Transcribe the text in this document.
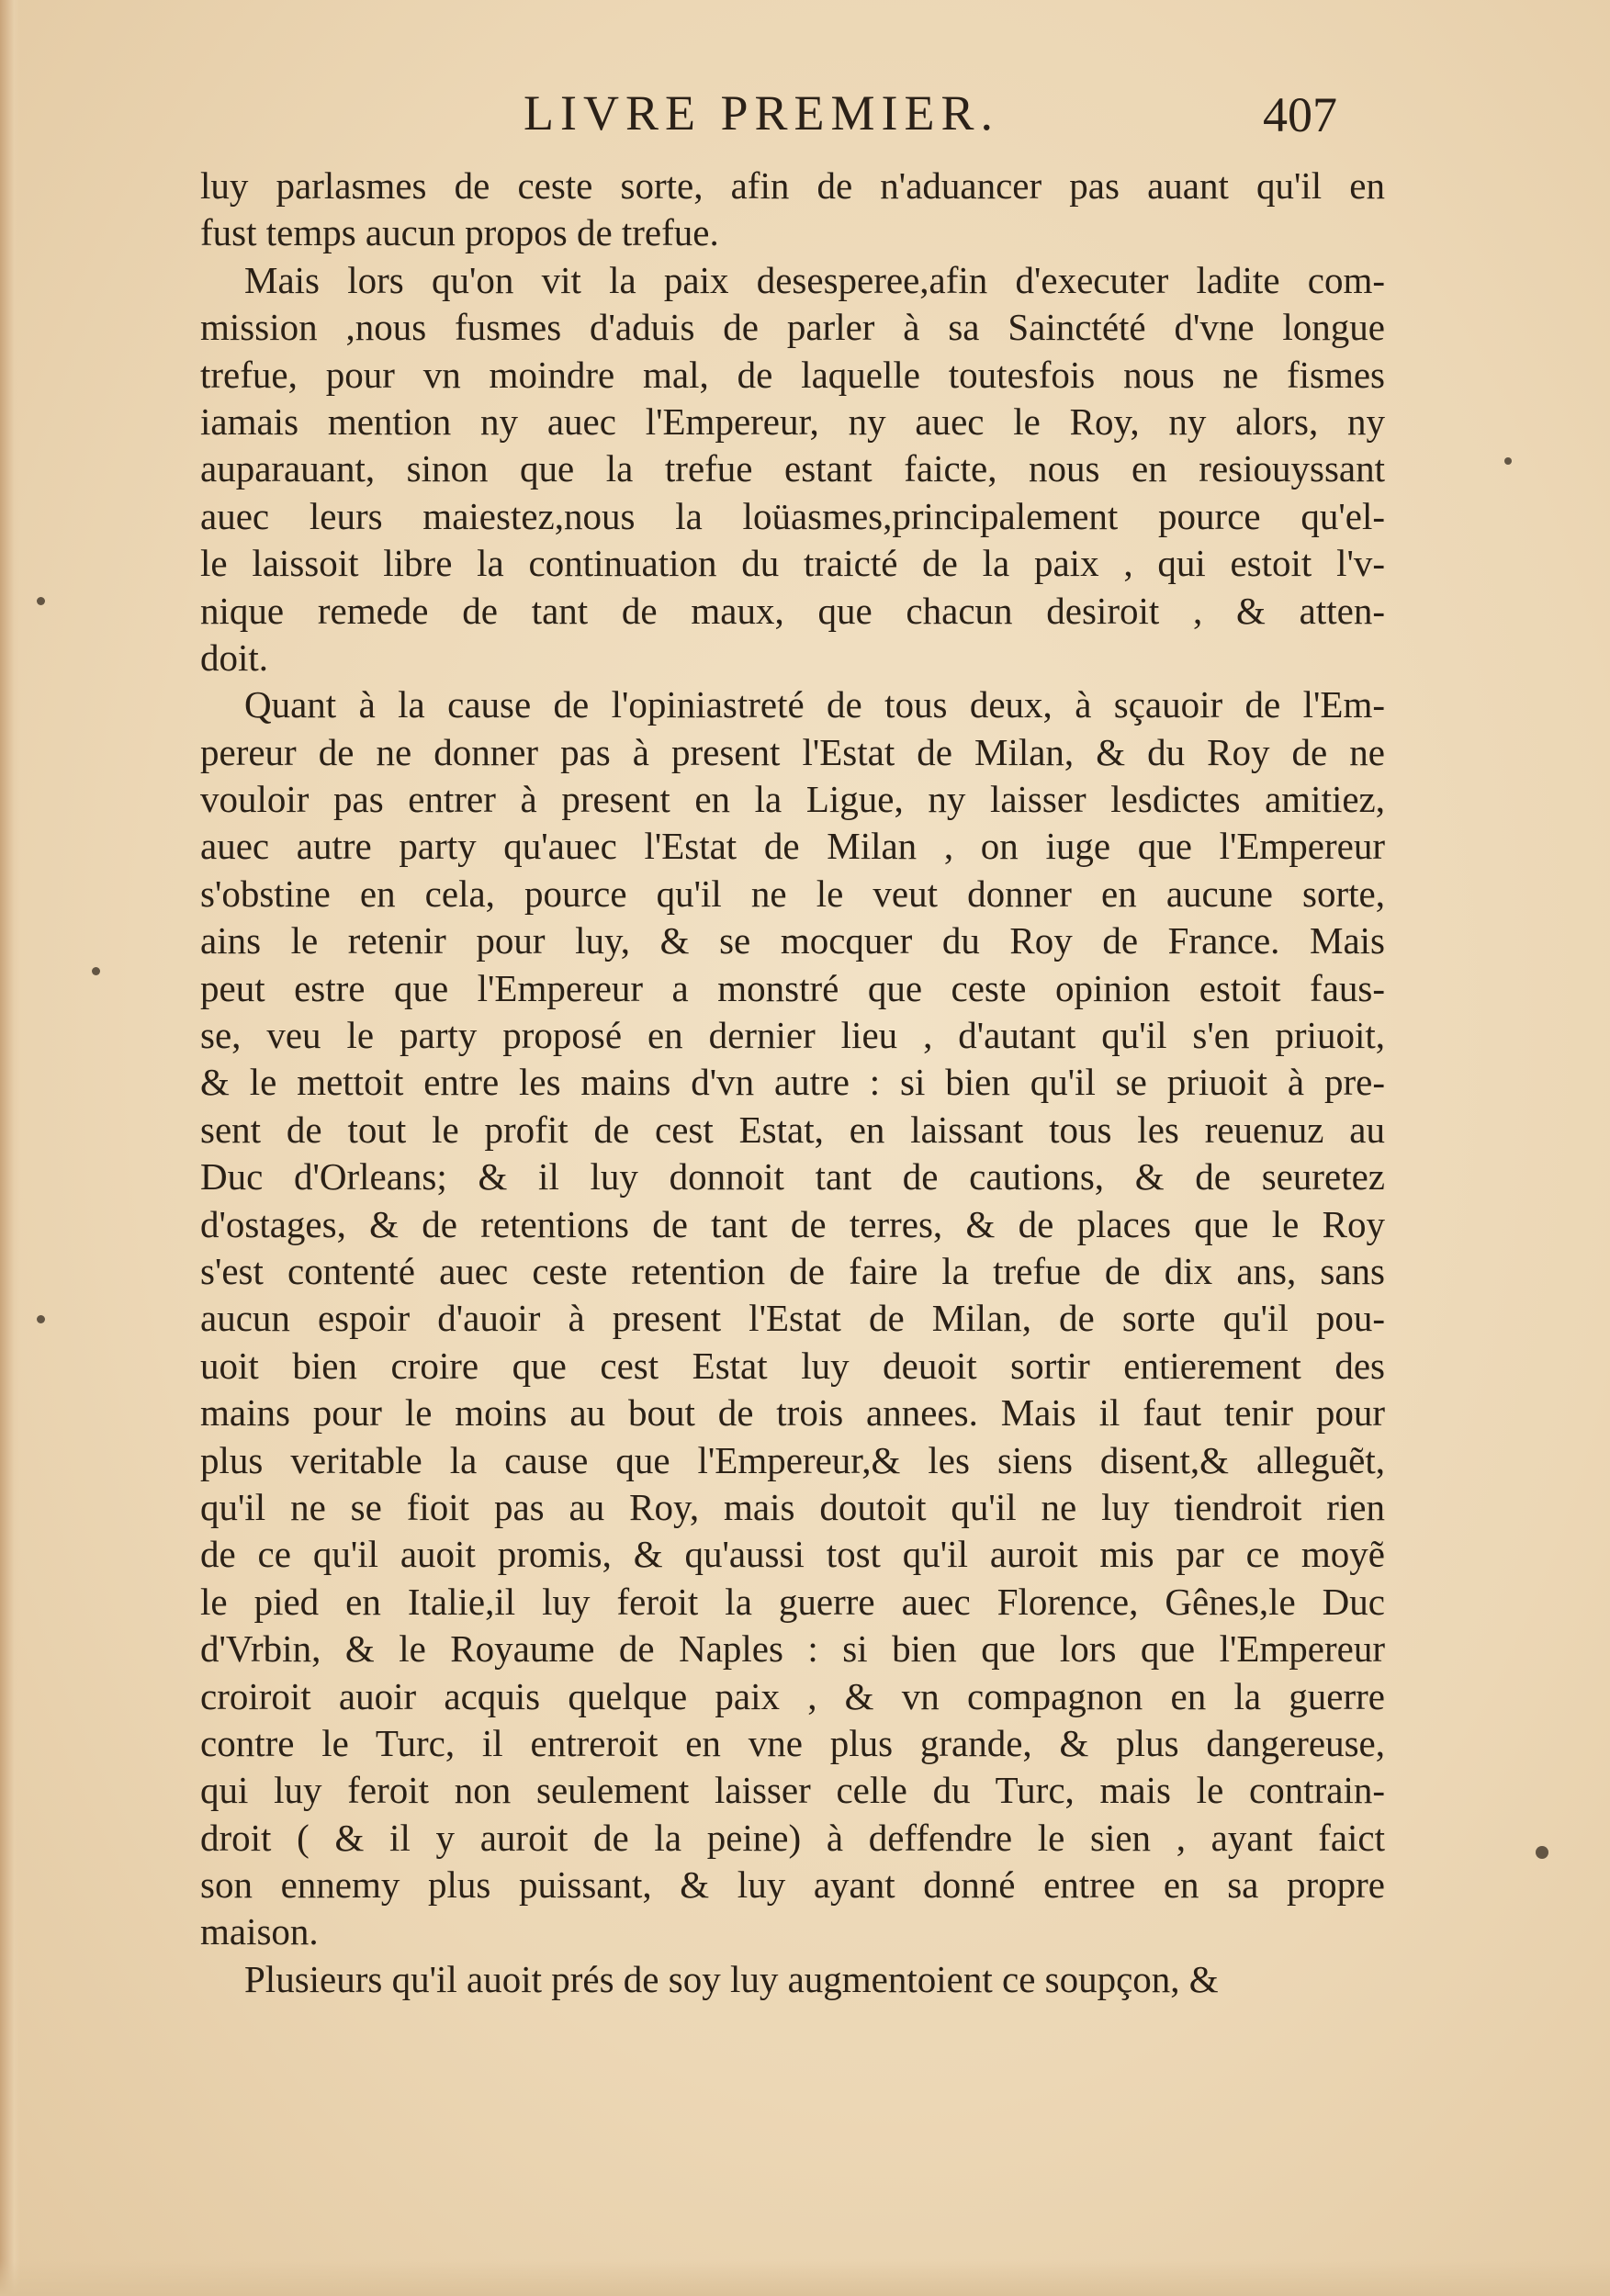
LIVRE PREMIER.	407
luy parlasmes de ceste sorte, afin de n'aduancer pas auant qu'il en
fust temps aucun propos de trefue.
Mais lors qu'on vit la paix desesperee,afin d'executer ladite com-
mission ,nous fusmes d'aduis de parler à sa Sainctété d'vne longue
trefue, pour vn moindre mal, de laquelle toutesfois nous ne fismes
iamais mention ny auec l'Empereur, ny auec le Roy, ny alors, ny
auparauant, sinon que la trefue estant faicte, nous en resiouyssant
auec leurs maiestez,nous la loüasmes,principalement pource qu'el-
le laissoit libre la continuation du traicté de la paix , qui estoit l'v-
nique remede de tant de maux, que chacun desiroit , & atten-
doit.
Quant à la cause de l'opiniastreté de tous deux, à sçauoir de l'Em-
pereur de ne donner pas à present l'Estat de Milan, & du Roy de ne
vouloir pas entrer à present en la Ligue, ny laisser lesdictes amitiez,
auec autre party qu'auec l'Estat de Milan , on iuge que l'Empereur
s'obstine en cela, pource qu'il ne le veut donner en aucune sorte,
ains le retenir pour luy, & se mocquer du Roy de France. Mais
peut estre que l'Empereur a monstré que ceste opinion estoit faus-
se, veu le party proposé en dernier lieu , d'autant qu'il s'en priuoit,
& le mettoit entre les mains d'vn autre : si bien qu'il se priuoit à pre-
sent de tout le profit de cest Estat, en laissant tous les reuenuz au
Duc d'Orleans; & il luy donnoit tant de cautions, & de seuretez
d'ostages, & de retentions de tant de terres, & de places que le Roy
s'est contenté auec ceste retention de faire la trefue de dix ans, sans
aucun espoir d'auoir à present l'Estat de Milan, de sorte qu'il pou-
uoit bien croire que cest Estat luy deuoit sortir entierement des
mains pour le moins au bout de trois annees. Mais il faut tenir pour
plus veritable la cause que l'Empereur,& les siens disent,& alleguẽt,
qu'il ne se fioit pas au Roy, mais doutoit qu'il ne luy tiendroit rien
de ce qu'il auoit promis, & qu'aussi tost qu'il auroit mis par ce moyẽ
le pied en Italie,il luy feroit la guerre auec Florence, Gênes,le Duc
d'Vrbin, & le Royaume de Naples : si bien que lors que l'Empereur
croiroit auoir acquis quelque paix , & vn compagnon en la guerre
contre le Turc, il entreroit en vne plus grande, & plus dangereuse,
qui luy feroit non seulement laisser celle du Turc, mais le contrain-
droit ( & il y auroit de la peine) à deffendre le sien , ayant faict
son ennemy plus puissant, & luy ayant donné entree en sa propre
maison.
Plusieurs qu'il auoit prés de soy luy augmentoient ce soupçon, &
